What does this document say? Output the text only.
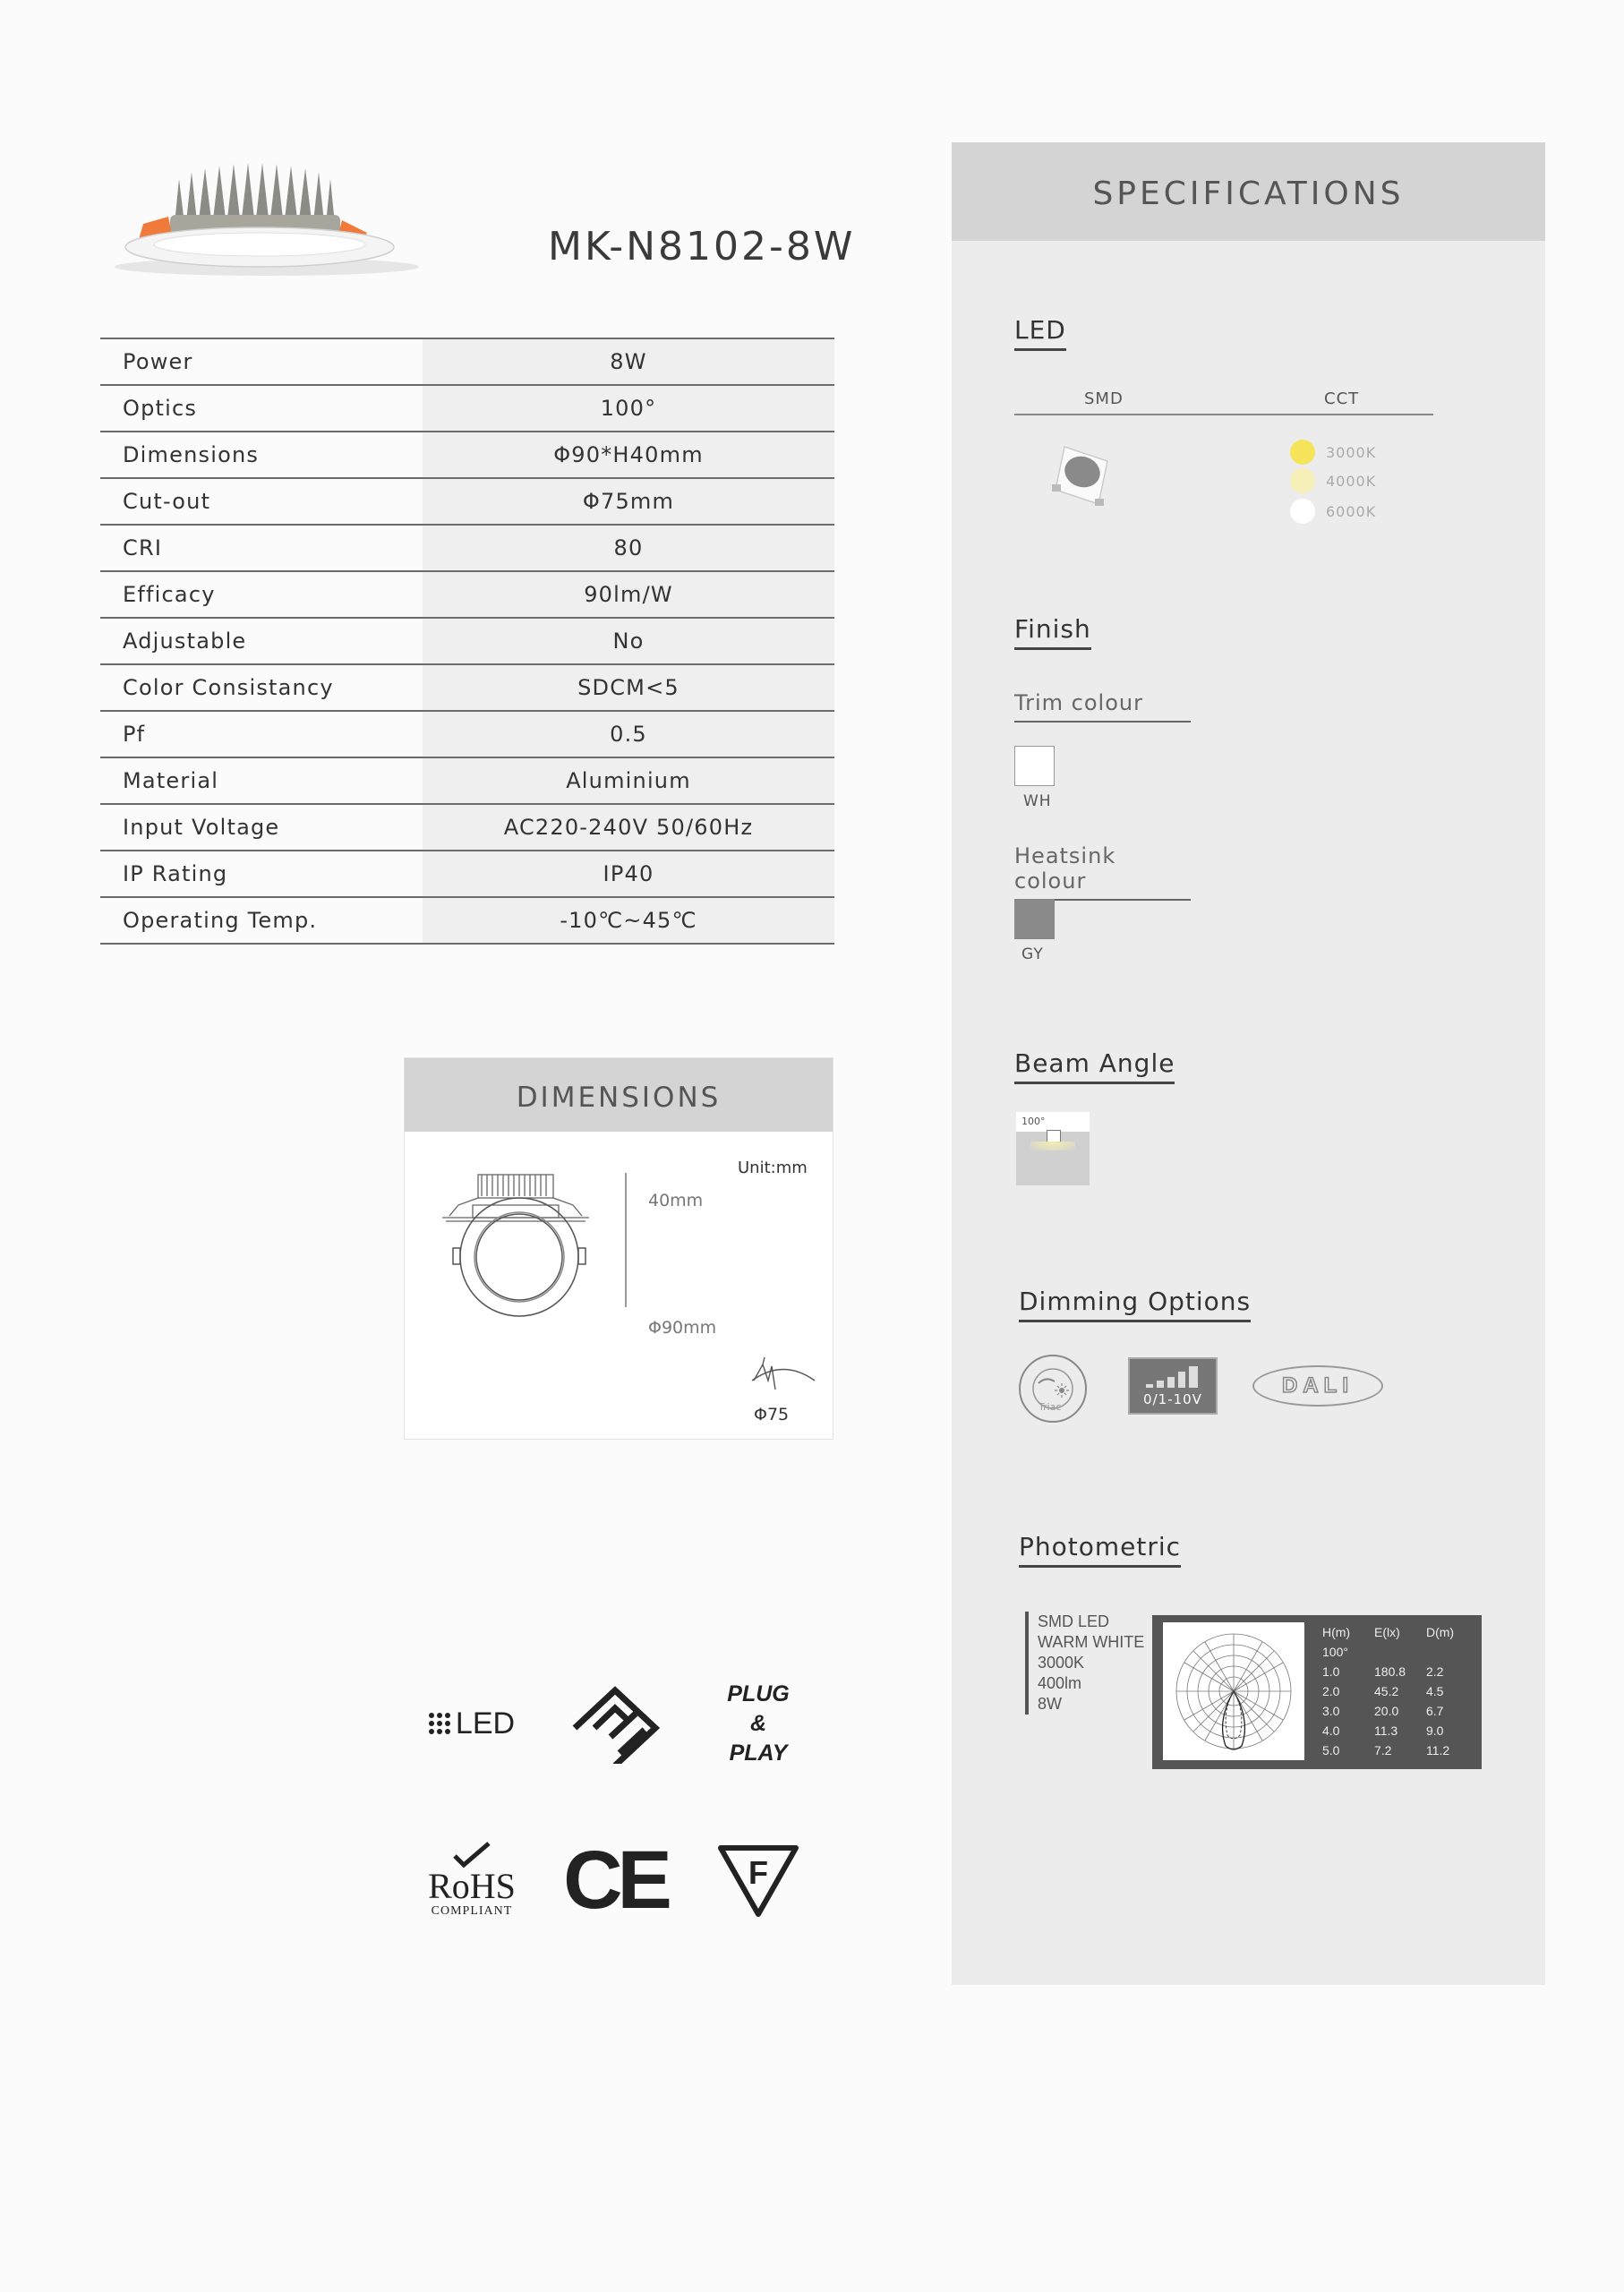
MK-N8102-8W
Power	8W
Optics	100°
Dimensions	Φ90*H40mm
Cut-out	Φ75mm
CRI	80
Efficacy	90lm/W
Adjustable	No
Color Consistancy	SDCM<5
Pf	0.5
Material	Aluminium
Input Voltage	AC220-240V 50/60Hz
IP Rating	IP40
Operating Temp.	-10℃~45℃
DIMENSIONS
Unit:mm
40mm
Φ90mm
Φ75
LED
PLUG
&
PLAY
RoHS
COMPLIANT CE	F
SPECIFICATIONS
LED
SMD	CCT
3000K
4000K
6000K
Finish
Trim colour
WH
Heatsink colour
GY
Beam Angle
100°
Dimming Options
Triac	0/1-10V
DALI
Photometric
SMD LED
WARM WHITE
3000K
400lm
8W
H(m)	E(lx)	D(m)
100°		
1.0	180.8	2.2
2.0	45.2	4.5
3.0	20.0	6.7
4.0	11.3	9.0
5.0	7.2	11.2
